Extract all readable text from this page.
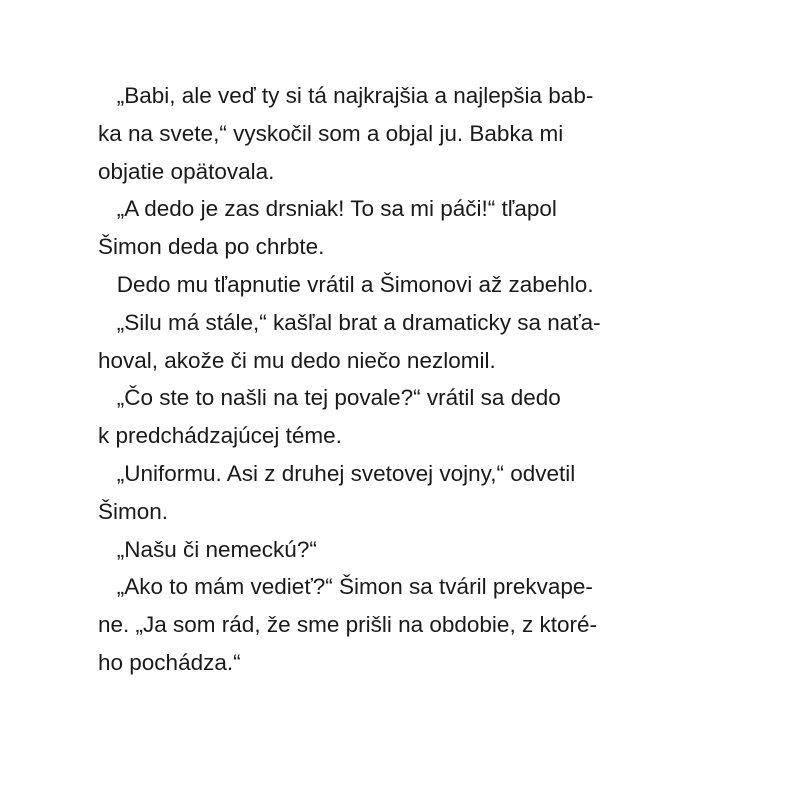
„Babi, ale veď ty si tá najkrajšia a najlepšia bab-

ka na svete,“ vyskočil som a objal ju. Babka mi

objatie opätovala.

„A dedo je zas drsniak! To sa mi páči!“ tľapol

Šimon deda po chrbte.

Dedo mu tľapnutie vrátil a Šimonovi až zabehlo.

„Silu má stále,“ kašľal brat a dramaticky sa naťa-

hoval, akože či mu dedo niečo nezlomil.

„Čo ste to našli na tej povale?“ vrátil sa dedo

k predchádzajúcej téme.

„Uniformu. Asi z druhej svetovej vojny,“ odvetil

Šimon.

„Našu či nemeckú?“

„Ako to mám vedieť?“ Šimon sa tváril prekvape-

ne. „Ja som rád, že sme prišli na obdobie, z ktoré-

ho pochádza.“
